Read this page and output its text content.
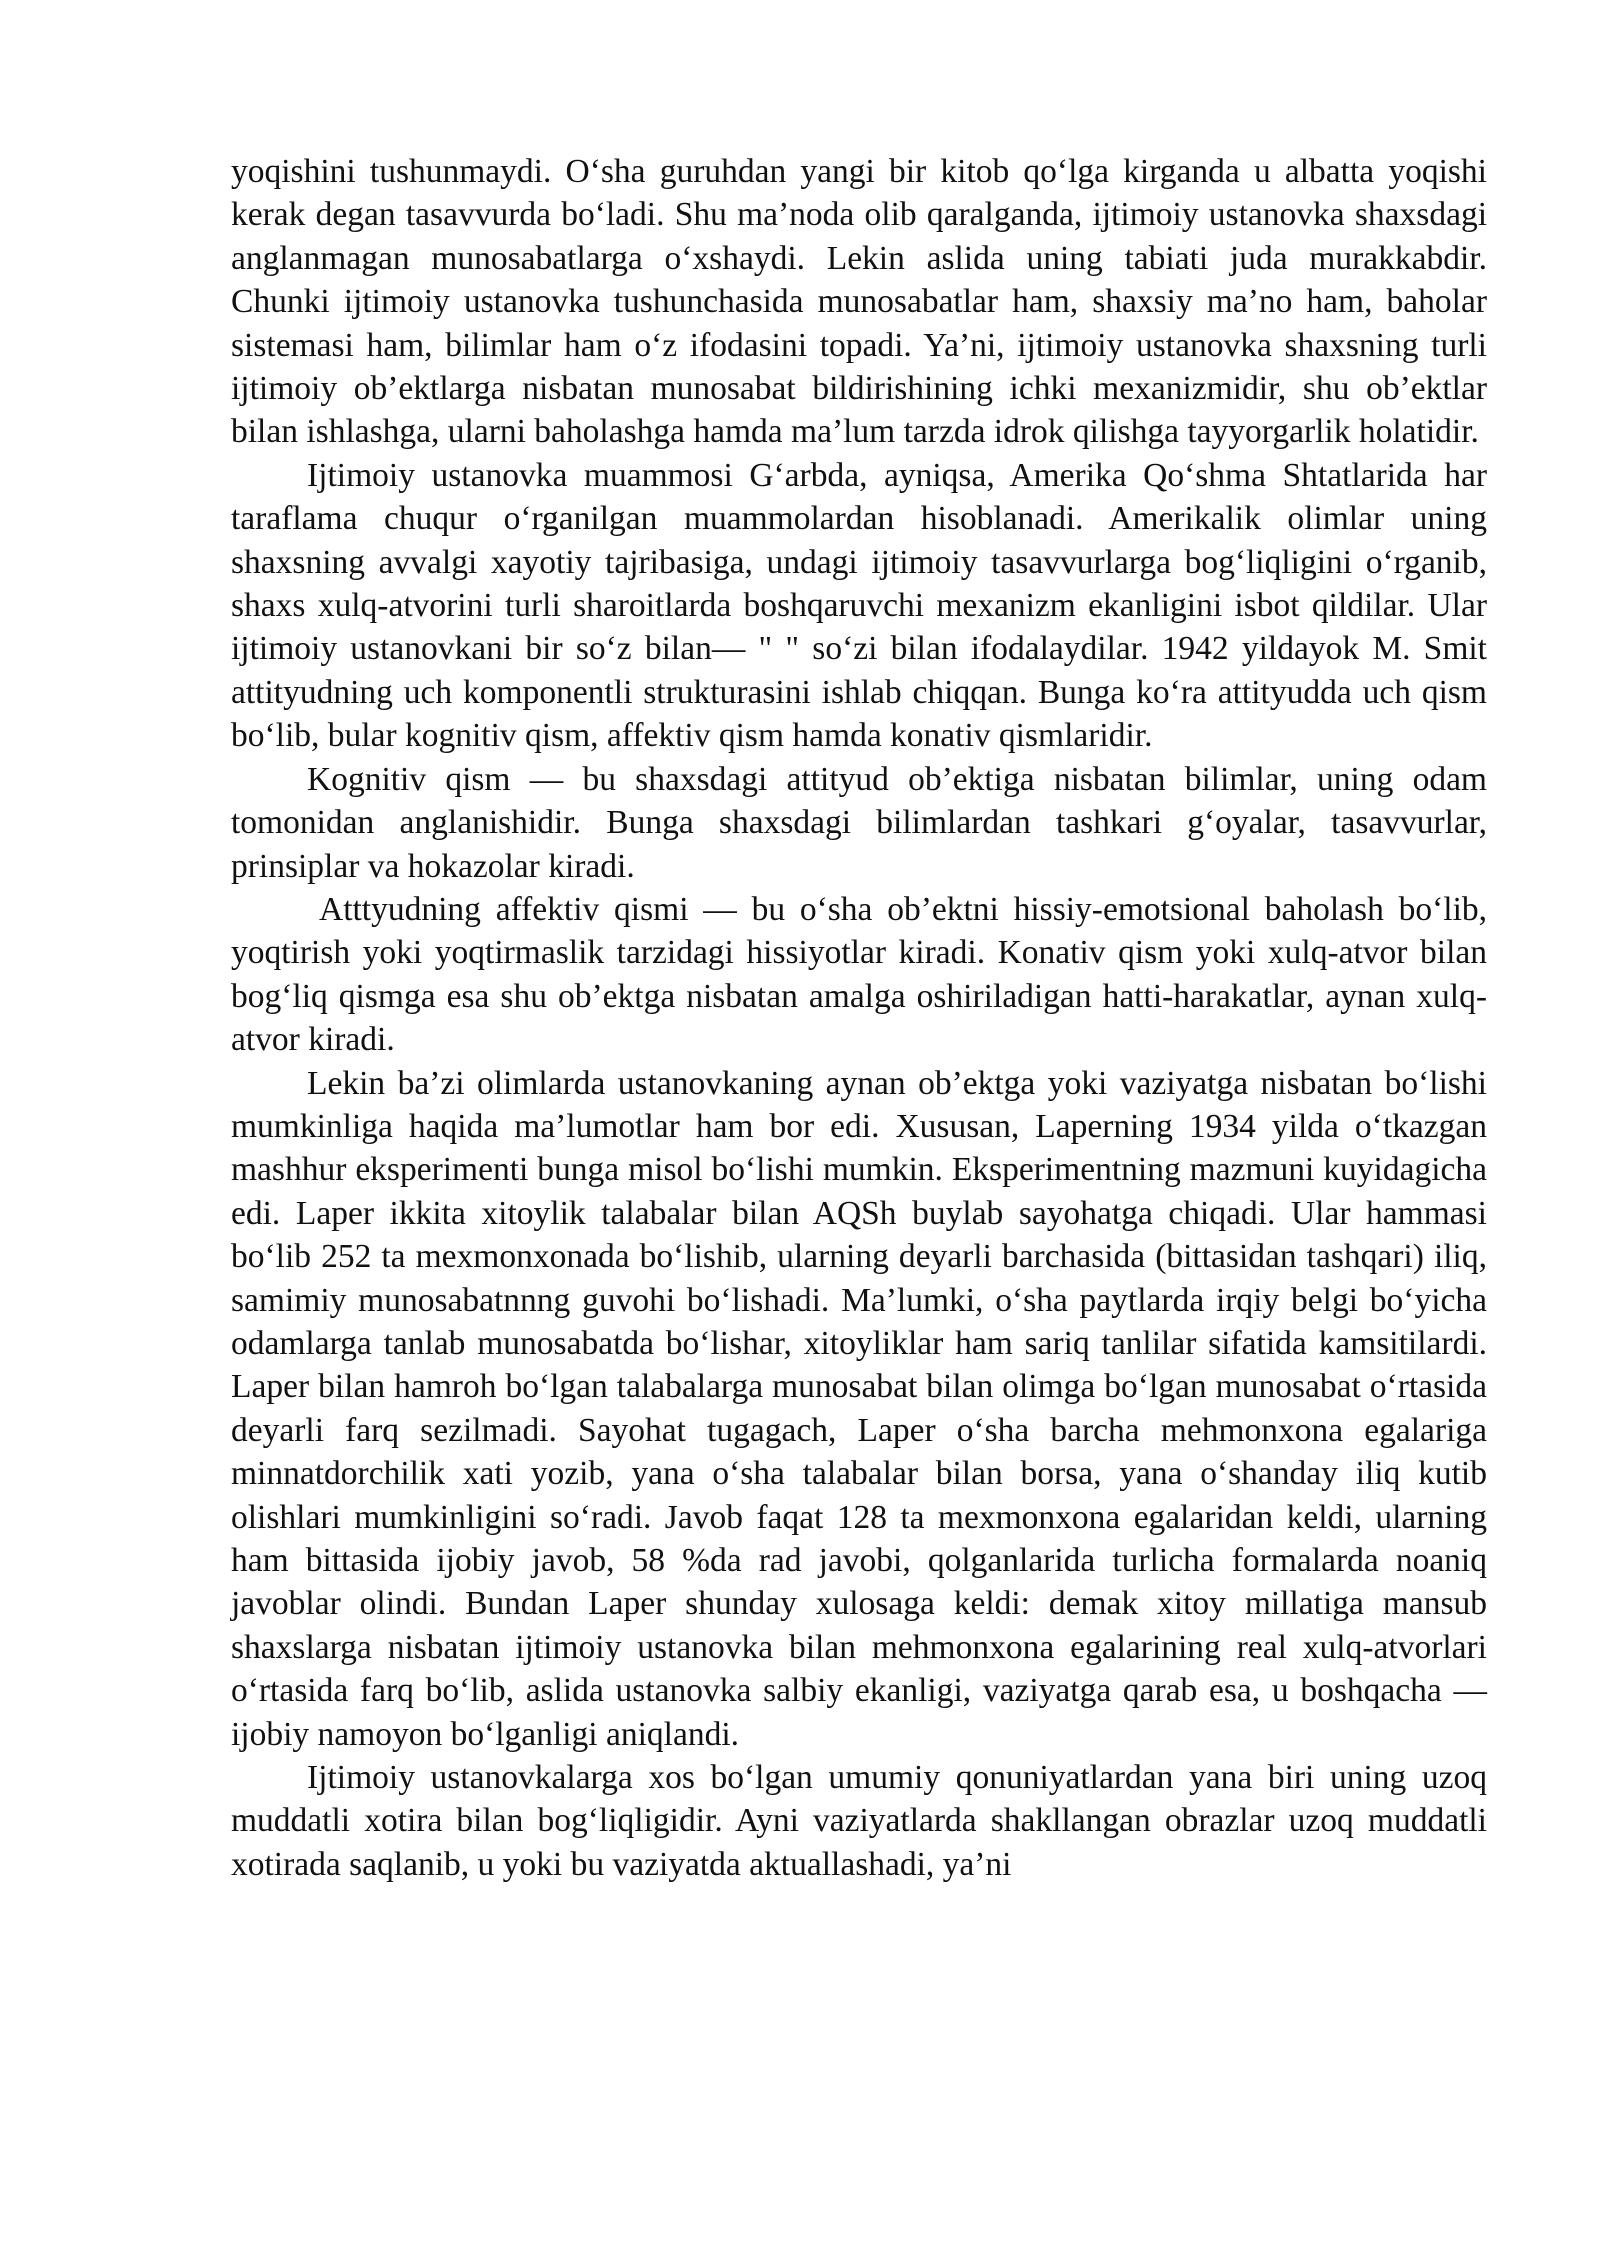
yoqishini tushunmaydi. O‘sha guruhdan yangi bir kitob qo‘lga kirganda u albatta yoqishi kerak degan tasavvurda bo‘ladi. Shu ma’noda olib qaralganda, ijtimoiy ustanovka shaxsdagi anglanmagan munosabatlarga o‘xshaydi. Lekin aslida uning tabiati juda murakkabdir. Chunki ijtimoiy ustanovka tushunchasida munosabatlar ham, shaxsiy ma’no ham, baholar sistemasi ham, bilimlar ham o‘z ifodasini topadi. Ya’ni, ijtimoiy ustanovka shaxsning turli ijtimoiy ob’ektlarga nisbatan munosabat bildirishining ichki mexanizmidir, shu ob’ektlar bilan ishlashga, ularni baholashga hamda ma’lum tarzda idrok qilishga tayyorgarlik holatidir.

Ijtimoiy ustanovka muammosi G‘arbda, ayniqsa, Amerika Qo‘shma Shtatlarida har taraflama chuqur o‘rganilgan muammolardan hisoblanadi. Amerikalik olimlar uning shaxsning avvalgi xayotiy tajribasiga, undagi ijtimoiy tasavvurlarga bog‘liqligini o‘rganib, shaxs xulq-atvorini turli sharoitlarda boshqaruvchi mexanizm ekanligini isbot qildilar. Ular ijtimoiy ustanovkani bir so‘z bilan— " " so‘zi bilan ifodalaydilar. 1942 yildayok M. Smit attityudning uch komponentli strukturasini ishlab chiqqan. Bunga ko‘ra attityudda uch qism bo‘lib, bular kognitiv qism, affektiv qism hamda konativ qismlaridir.

Kognitiv qism — bu shaxsdagi attityud ob’ektiga nisbatan bilimlar, uning odam tomonidan anglanishidir. Bunga shaxsdagi bilimlardan tashkari g‘oyalar, tasavvurlar, prinsiplar va hokazolar kiradi.

Atttyudning affektiv qismi — bu o‘sha ob’ektni hissiy-emotsional baholash bo‘lib, yoqtirish yoki yoqtirmaslik tarzidagi hissiyotlar kiradi. Konativ qism yoki xulq-atvor bilan bog‘liq qismga esa shu ob’ektga nisbatan amalga oshiriladigan hatti-harakatlar, aynan xulq-atvor kiradi.

Lekin ba’zi olimlarda ustanovkaning aynan ob’ektga yoki vaziyatga nisbatan bo‘lishi mumkinliga haqida ma’lumotlar ham bor edi. Xususan, Laperning 1934 yilda o‘tkazgan mashhur eksperimenti bunga misol bo‘lishi mumkin. Eksperimentning mazmuni kuyidagicha edi. Laper ikkita xitoylik talabalar bilan AQSh buylab sayohatga chiqadi. Ular hammasi bo‘lib 252 ta mexmonxonada bo‘lishib, ularning deyarli barchasida (bittasidan tashqari) iliq, samimiy munosabatnnng guvohi bo‘lishadi. Ma’lumki, o‘sha paytlarda irqiy belgi bo‘yicha odamlarga tanlab munosabatda bo‘lishar, xitoyliklar ham sariq tanlilar sifatida kamsitilardi. Laper bilan hamroh bo‘lgan talabalarga munosabat bilan olimga bo‘lgan munosabat o‘rtasida deyarli farq sezilmadi. Sayohat tugagach, Laper o‘sha barcha mehmonxona egalariga minnatdorchilik xati yozib, yana o‘sha talabalar bilan borsa, yana o‘shanday iliq kutib olishlari mumkinligini so‘radi. Javob faqat 128 ta mexmonxona egalaridan keldi, ularning ham bittasida ijobiy javob, 58 %da rad javobi, qolganlarida turlicha formalarda noaniq javoblar olindi. Bundan Laper shunday xulosaga keldi: demak xitoy millatiga mansub shaxslarga nisbatan ijtimoiy ustanovka bilan mehmonxona egalarining real xulq-atvorlari o‘rtasida farq bo‘lib, aslida ustanovka salbiy ekanligi, vaziyatga qarab esa, u boshqacha — ijobiy namoyon bo‘lganligi aniqlandi.

Ijtimoiy ustanovkalarga xos bo‘lgan umumiy qonuniyatlardan yana biri uning uzoq muddatli xotira bilan bog‘liqligidir. Ayni vaziyatlarda shakllangan obrazlar uzoq muddatli xotirada saqlanib, u yoki bu vaziyatda aktuallashadi, ya’ni
